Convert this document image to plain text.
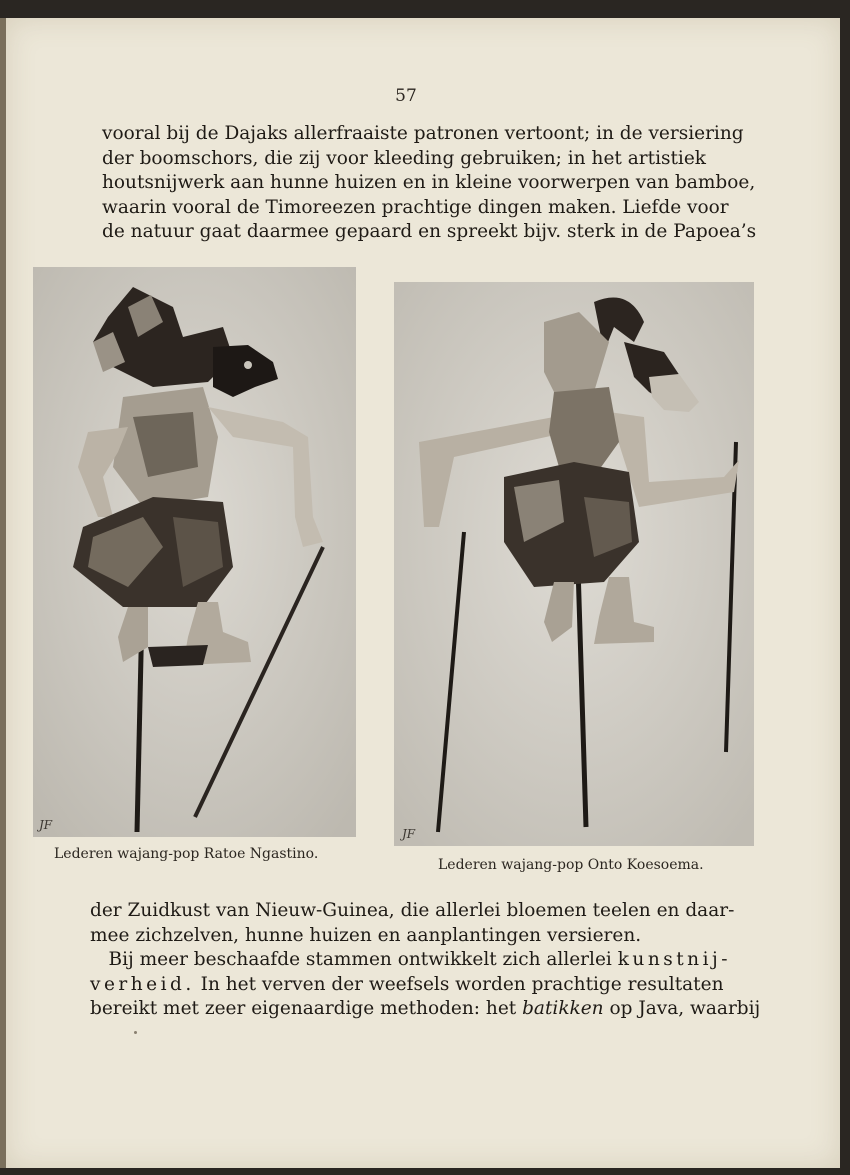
57
vooral bij de Dajaks allerfraaiste patronen vertoont; in de versiering
der boomschors, die zij voor kleeding gebruiken; in het artistiek
houtsnijwerk aan hunne huizen en in kleine voorwerpen van bamboe,
waarin vooral de Timoreezen prachtige dingen maken. Liefde voor
de natuur gaat daarmee gepaard en spreekt bijv. sterk in de Papoea’s
JF
Lederen wajang-pop Ratoe Ngastino.
JF
Lederen wajang-pop Onto Koesoema.
der Zuidkust van Nieuw-Guinea, die allerlei bloemen teelen en daar-
mee zichzelven, hunne huizen en aanplantingen versieren.
 Bij meer beschaafde stammen ontwikkelt zich allerlei kunstnij-
verheid. In het verven der weefsels worden prachtige resultaten
bereikt met zeer eigenaardige methoden: het batikken op Java, waarbij
